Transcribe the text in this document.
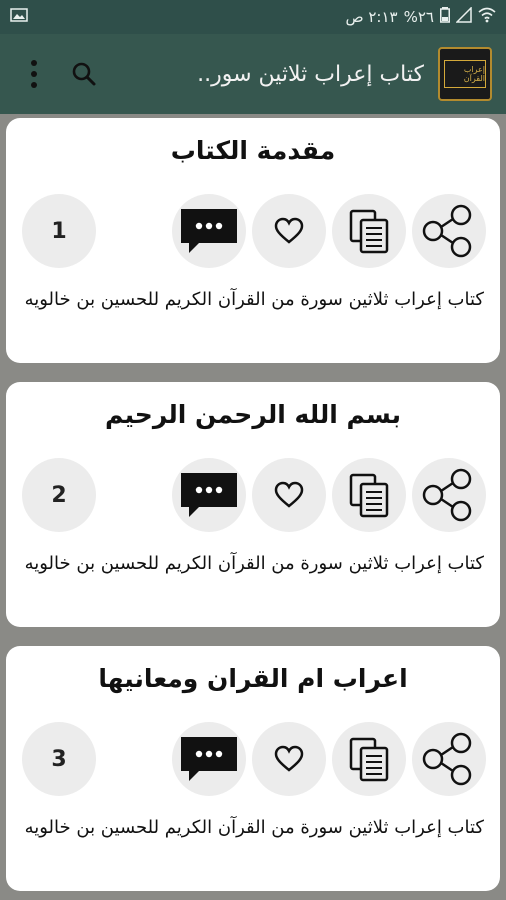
٢:١٣ ص ٢٦%
كتاب إعراب ثلاثين سور..	إعراب القرآن
مقدمة الكتاب
1
كتاب إعراب ثلاثين سورة من القرآن الكريم للحسين بن خالويه
بسم الله الرحمن الرحيم
2
كتاب إعراب ثلاثين سورة من القرآن الكريم للحسين بن خالويه
اعراب ام القران ومعانيها
3
كتاب إعراب ثلاثين سورة من القرآن الكريم للحسين بن خالويه
